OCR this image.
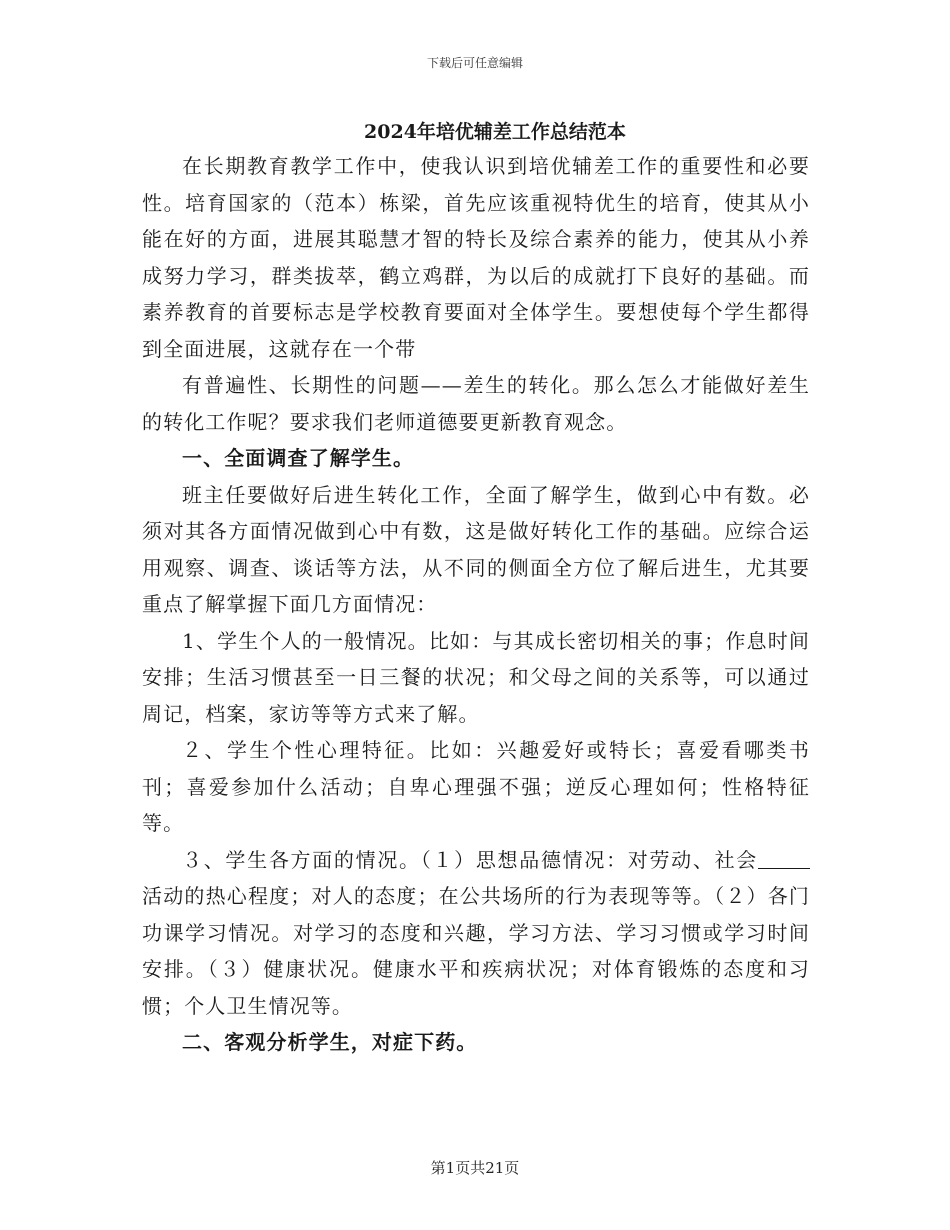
下载后可任意编辑
2024年培优辅差工作总结范本

在长期教育教学工作中，使我认识到培优辅差工作的重要性和必要性。培育国家的（范本）栋梁，首先应该重视特优生的培育，使其从小能在好的方面，进展其聪慧才智的特长及综合素养的能力，使其从小养成努力学习，群类拔萃，鹤立鸡群，为以后的成就打下良好的基础。而素养教育的首要标志是学校教育要面对全体学生。要想使每个学生都得到全面进展，这就存在一个带

有普遍性、长期性的问题——差生的转化。那么怎么才能做好差生的转化工作呢？要求我们老师道德要更新教育观念。

一、全面调查了解学生。

班主任要做好后进生转化工作，全面了解学生，做到心中有数。必须对其各方面情况做到心中有数，这是做好转化工作的基础。应综合运用观察、调查、谈话等方法，从不同的侧面全方位了解后进生，尤其要重点了解掌握下面几方面情况：

1、学生个人的一般情况。比如：与其成长密切相关的事；作息时间安排；生活习惯甚至一日三餐的状况；和父母之间的关系等，可以通过周记，档案，家访等等方式来了解。

２、学生个性心理特征。比如：兴趣爱好或特长；喜爱看哪类书刊；喜爱参加什么活动；自卑心理强不强；逆反心理如何；性格特征等。

３、学生各方面的情况。（１）思想品德情况：对劳动、社会活动的热心程度；对人的态度；在公共场所的行为表现等等。（２）各门功课学习情况。对学习的态度和兴趣，学习方法、学习习惯或学习时间安排。（３）健康状况。健康水平和疾病状况；对体育锻炼的态度和习惯；个人卫生情况等。

二、客观分析学生，对症下药。

第1页共21页
